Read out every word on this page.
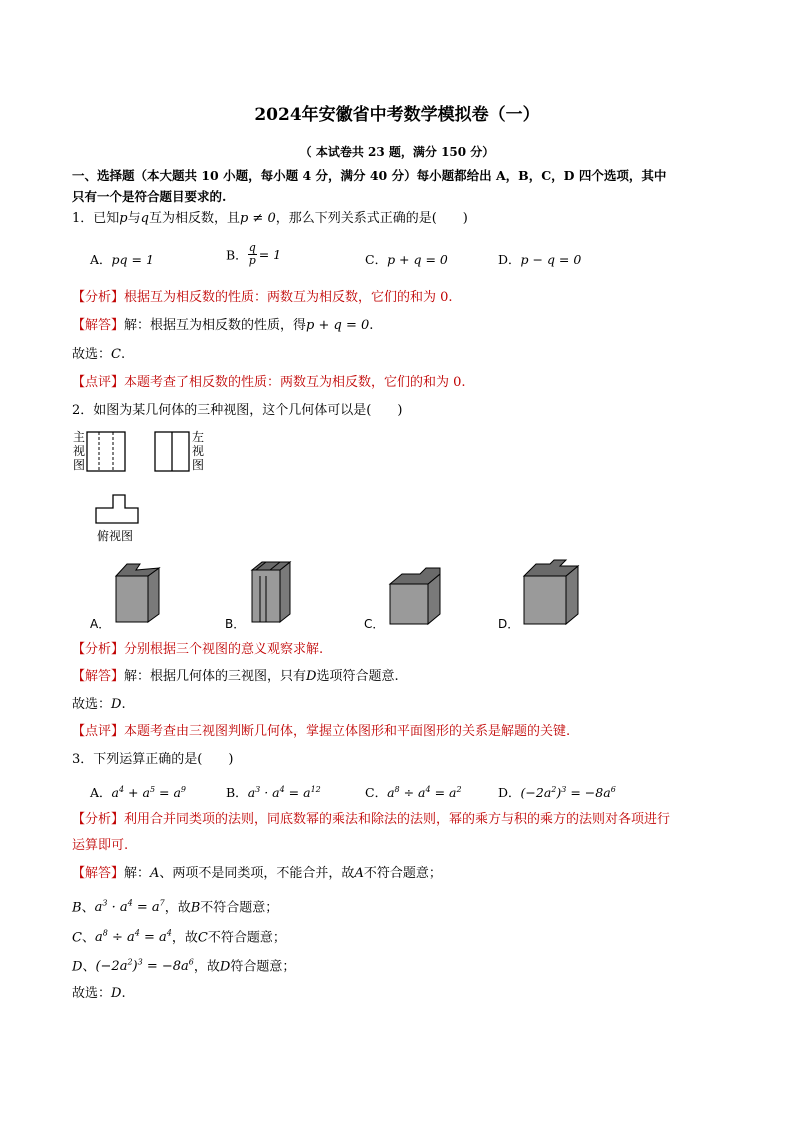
2024年安徽省中考数学模拟卷（一）
（ 本试卷共 23 题，满分 150 分）
一、选择题（本大题共 10 小题，每小题 4 分，满分 40 分）每小题都给出 A，B，C，D 四个选项，其中
只有一个是符合题目要求的.
1．已知p与q互为相反数，且p ≠ 0，那么下列关系式正确的是(　　)
A．pq = 1	B． $\frac{q}{p} = 1$	C．p + q = 0	D．p − q = 0
【分析】根据互为相反数的性质：两数互为相反数，它们的和为 0.
【解答】解：根据互为相反数的性质，得p + q = 0.
故选：C.
【点评】本题考查了相反数的性质：两数互为相反数，它们的和为 0.
2．如图为某几何体的三种视图，这个几何体可以是(　　)
主视图
左视图
俯视图
A．	B．	C．	D．
【分析】分别根据三个视图的意义观察求解.
【解答】解：根据几何体的三视图，只有D选项符合题意.
故选：D.
【点评】本题考查由三视图判断几何体，掌握立体图形和平面图形的关系是解题的关键.
3．下列运算正确的是(　　)
A．$a^4 + a^5 = a^9$	B．$a^3 \cdot a^4 = a^{12}$	C．$a^8 \div a^4 = a^2$	D．$(-2a^2)^3 = -8a^6$
【分析】利用合并同类项的法则，同底数幂的乘法和除法的法则，幂的乘方与积的乘方的法则对各项进行
运算即可.
【解答】解：A、两项不是同类项，不能合并，故A不符合题意；
B、$a^3 \cdot a^4 = a^7$，故B不符合题意；
C、$a^8 \div a^4 = a^4$，故C不符合题意；
D、$(-2a^2)^3 = -8a^6$，故D符合题意；
故选：D.
